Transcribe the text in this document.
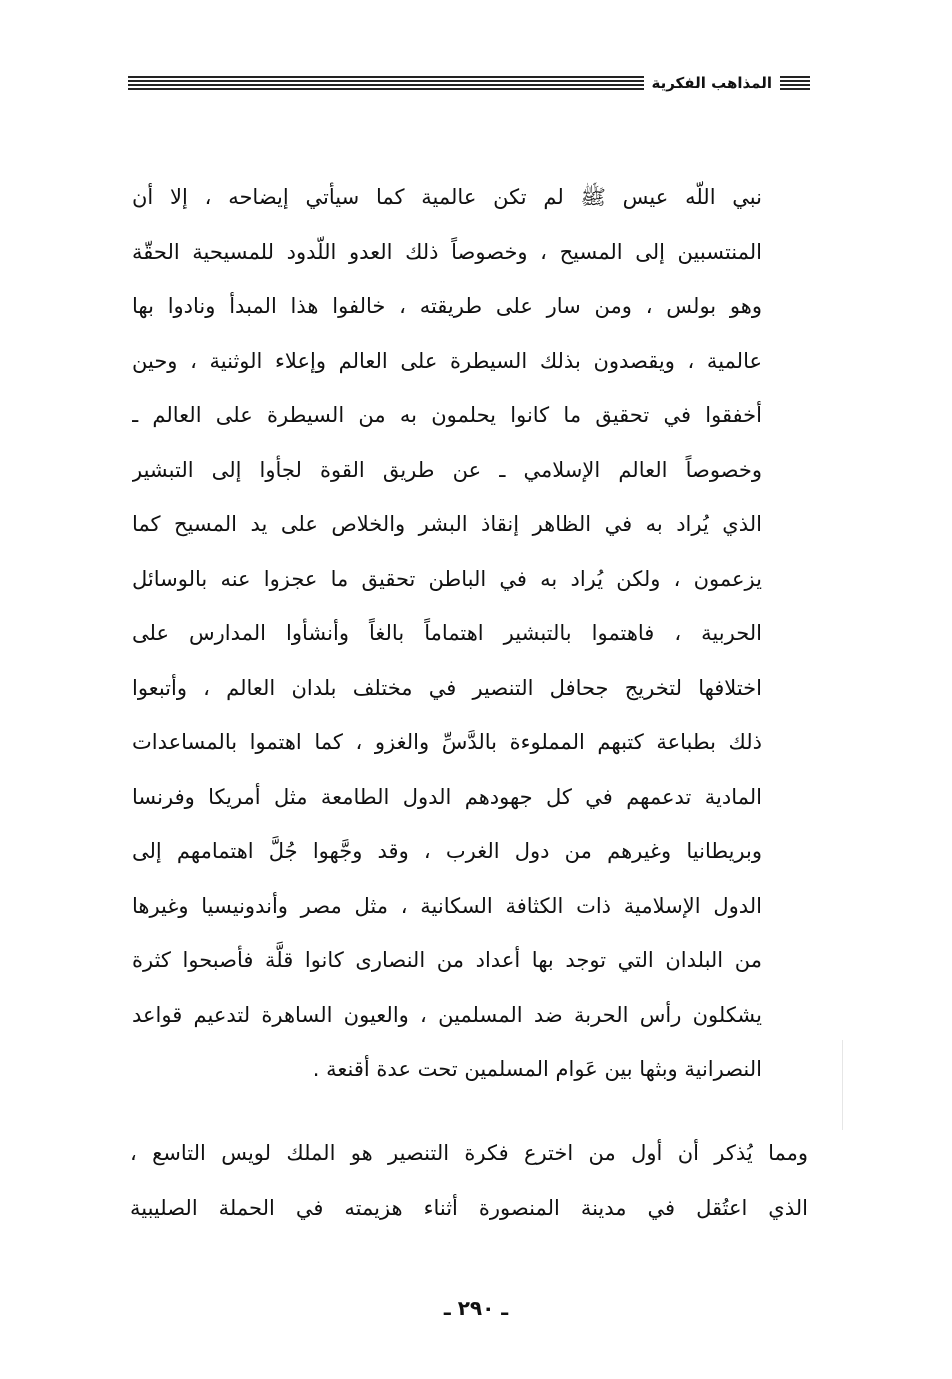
المذاهب الفكرية
نبي اللّه عيس ﷺ لم تكن عالمية كما سيأتي إيضاحه ، إلا أن
المنتسبين إلى المسيح ، وخصوصاً ذلك العدو اللّدود للمسيحية الحقّة
وهو بولس ، ومن سار على طريقته ، خالفوا هذا المبدأ ونادوا بها
عالمية ، ويقصدون بذلك السيطرة على العالم وإعلاء الوثنية ، وحين
أخفقوا في تحقيق ما كانوا يحلمون به من السيطرة على العالم ـ
وخصوصاً العالم الإسلامي ـ عن طريق القوة لجأوا إلى التبشير
الذي يُراد به في الظاهر إنقاذ البشر والخلاص على يد المسيح كما
يزعمون ، ولكن يُراد به في الباطن تحقيق ما عجزوا عنه بالوسائل
الحربية ، فاهتموا بالتبشير اهتماماً بالغاً وأنشأوا المدارس على
اختلافها لتخريج جحافل التنصير في مختلف بلدان العالم ، وأتبعوا
ذلك بطباعة كتبهم المملوءة بالدَّسِّ والغزو ، كما اهتموا بالمساعدات
المادية تدعمهم في كل جهودهم الدول الطامعة مثل أمريكا وفرنسا
وبريطانيا وغيرهم من دول الغرب ، وقد وجَّهوا جُلَّ اهتمامهم إلى
الدول الإسلامية ذات الكثافة السكانية ، مثل مصر وأندونيسيا وغيرها
من البلدان التي توجد بها أعداد من النصارى كانوا قلَّة فأصبحوا كثرة
يشكلون رأس الحربة ضد المسلمين ، والعيون الساهرة لتدعيم قواعد
النصرانية وبثها بين عَوام المسلمين تحت عدة أقنعة .
ومما يُذكر أن أول من اخترع فكرة التنصير هو الملك لويس التاسع ،
الذي اعتُقل في مدينة المنصورة أثناء هزيمته في الحملة الصليبية
ـ ٢٩٠ ـ
